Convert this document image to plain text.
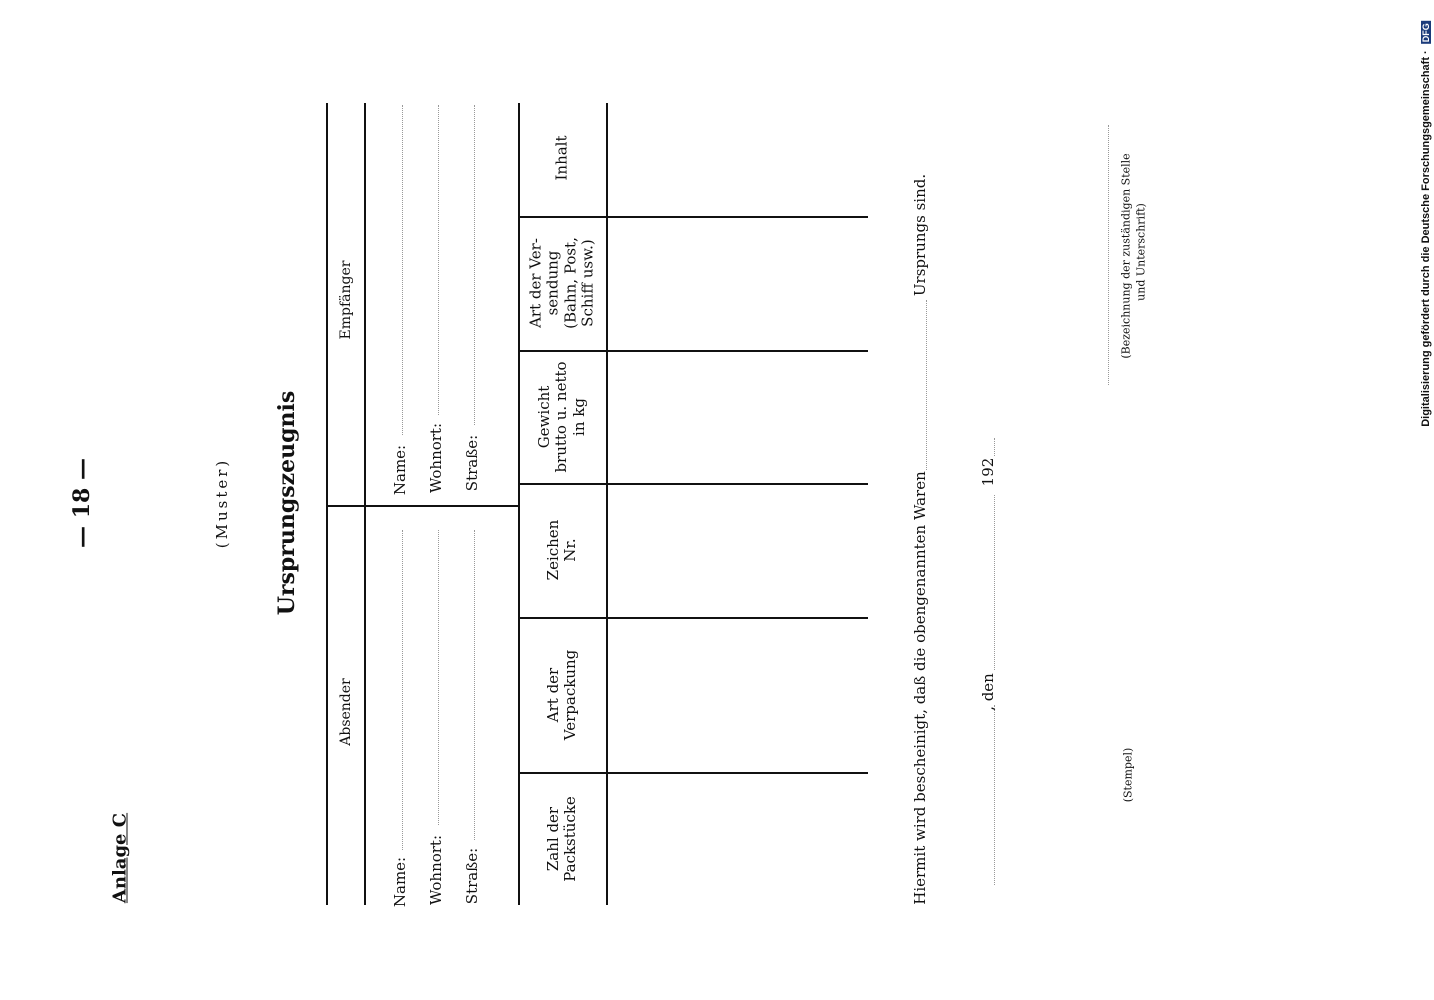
— 18 —
Anlage C
(Muster) Ursprungszeugnis
Empfänger
Absender
Name: Wohnort: Straße:
Name: Wohnort: Straße:
Zahl der
Packstücke
Art der
Verpackung
Zeichen
Nr.
Gewicht
brutto u. netto
in kg
Art der Ver-
sendung
(Bahn, Post,
Schiff usw.)
Inhalt
Hiermit wird bescheinigt, daß die obengenannten Waren
Ursprungs sind.
, den
192
(Stempel)
(Bezeichnung der zuständigen Stelle und Unterschrift)	Digitalisierung gefördert durch die Deutsche Forschungsgemeinschaft · DFG
